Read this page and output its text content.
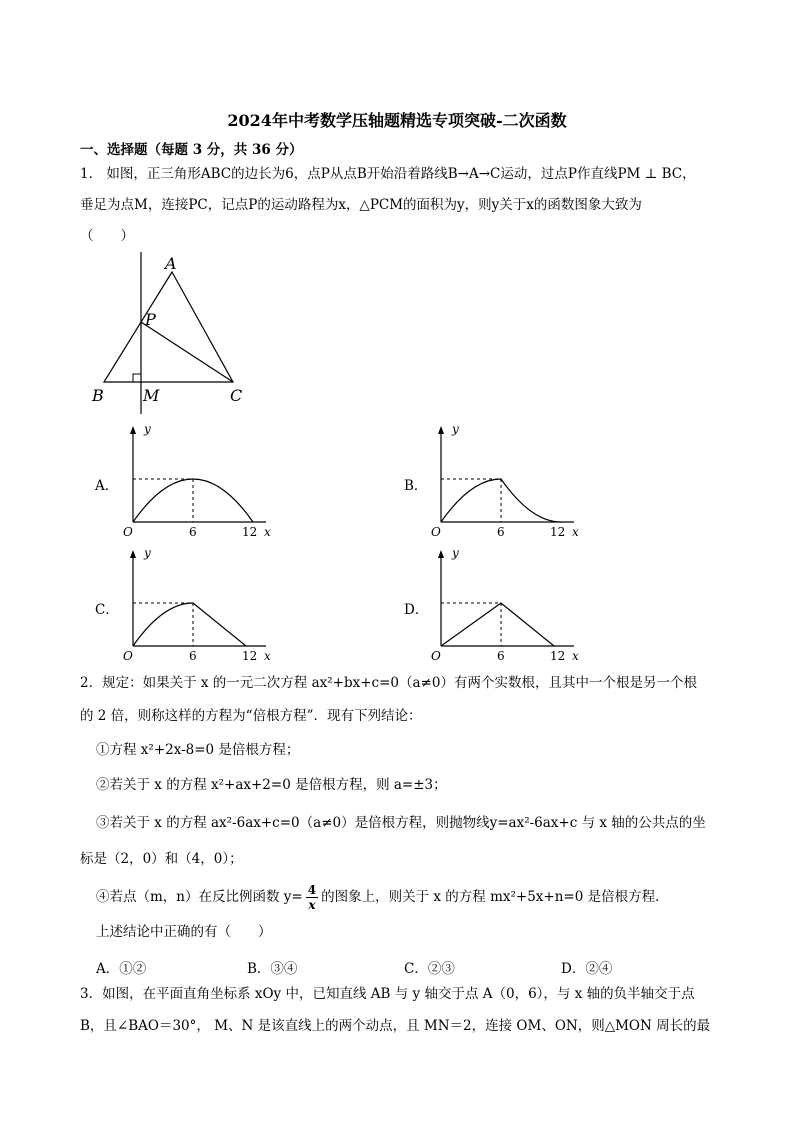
2024年中考数学压轴题精选专项突破-二次函数
一、选择题（每题 3 分，共 36 分）
1． 如图，正三角形ABC的边长为6，点P从点B开始沿着路线B→A→C运动，过点P作直线PM ⊥ BC，
垂足为点M，连接PC，记点P的运动路程为x，△PCM的面积为y，则y关于x的函数图象大致为
（　　）
A
P
B M	C
A．
y
O	6	12 x
B．
y
O	6	12 x
C．
y
O	6	12 x
D．
y
O	6	12 x
2．规定：如果关于 x 的一元二次方程 ax²+bx+c=0（a≠0）有两个实数根，且其中一个根是另一个根
的 2 倍，则称这样的方程为“倍根方程”．现有下列结论：
①方程 x²+2x-8=0 是倍根方程；
②若关于 x 的方程 x²+ax+2=0 是倍根方程，则 a=±3；
③若关于 x 的方程 ax²-6ax+c=0（a≠0）是倍根方程，则抛物线y=ax²-6ax+c 与 x 轴的公共点的坐
标是（2，0）和（4，0）；
④若点（m，n）在反比例函数 $y= \frac{4}{x}$ 的图象上，则关于 x 的方程 mx²+5x+n=0 是倍根方程．
上述结论中正确的有（　　）
A．①②	B．③④	C．②③	D．②④
3．如图，在平面直角坐标系 xOy 中，已知直线 AB 与 y 轴交于点 A（0，6），与 x 轴的负半轴交于点
B，且∠BAO＝30°， M、N 是该直线上的两个动点，且 MN＝2，连接 OM、ON，则△MON 周长的最
